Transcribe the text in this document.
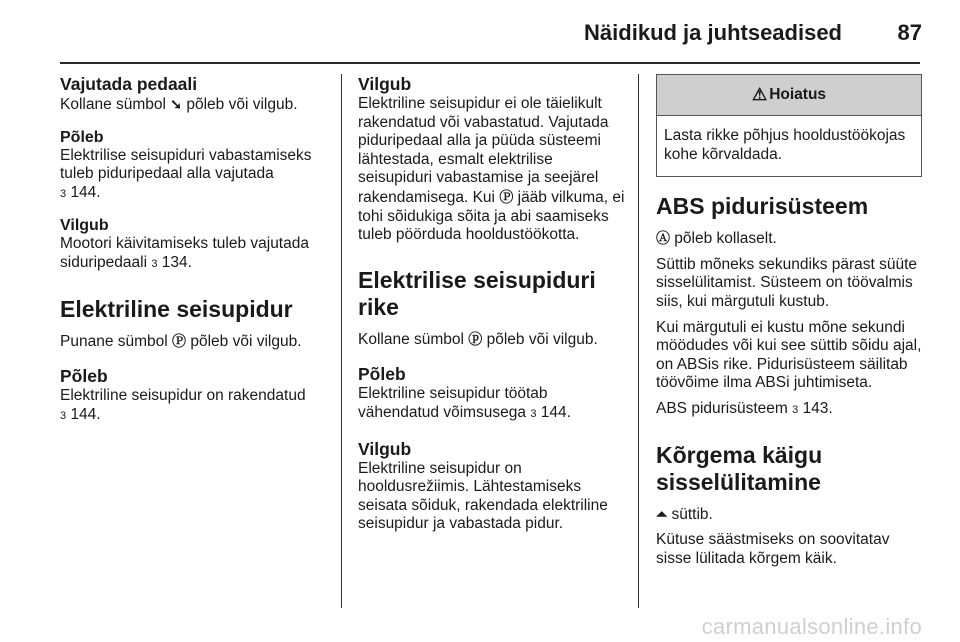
Näidikud ja juhtseadised	87
Vajutada pedaali
Kollane sümbol ➘ põleb või vilgub.
Põleb
Elektrilise seisupiduri vabastamiseks tuleb piduripedaal alla vajutada
3 144.
Vilgub
Mootori käivitamiseks tuleb vajutada siduripedaali 3 134.
Elektriline seisupidur
Punane sümbol Ⓟ põleb või vilgub.
Põleb
Elektriline seisupidur on rakendatud
3 144.
Vilgub
Elektriline seisupidur ei ole täielikult rakendatud või vabastatud. Vajutada piduripedaal alla ja püüda süsteemi lähtestada, esmalt elektrilise seisupiduri vabastamise ja seejärel rakendamisega. Kui Ⓟ jääb vilkuma, ei tohi sõidukiga sõita ja abi saamiseks tuleb pöörduda hooldustöökotta.
Elektrilise seisupiduri rike
Kollane sümbol ⓟ põleb või vilgub.
Põleb
Elektriline seisupidur töötab vähendatud võimsusega 3 144.
Vilgub
Elektriline seisupidur on hooldusrežiimis. Lähtestamiseks seisata sõiduk, rakendada elektriline seisupidur ja vabastada pidur.
⚠ Hoiatus
Lasta rikke põhjus hooldustöökojas kohe kõrvaldada.
ABS pidurisüsteem
Ⓐ põleb kollaselt.
Süttib mõneks sekundiks pärast süüte sisselülitamist. Süsteem on töövalmis siis, kui märgutuli kustub.
Kui märgutuli ei kustu mõne sekundi möödudes või kui see süttib sõidu ajal, on ABSis rike. Pidurisüsteem säilitab töövõime ilma ABSi juhtimiseta.
ABS pidurisüsteem 3 143.
Kõrgema käigu sisselülitamine
⏶ süttib.
Kütuse säästmiseks on soovitatav sisse lülitada kõrgem käik.
carmanualsonline.info
